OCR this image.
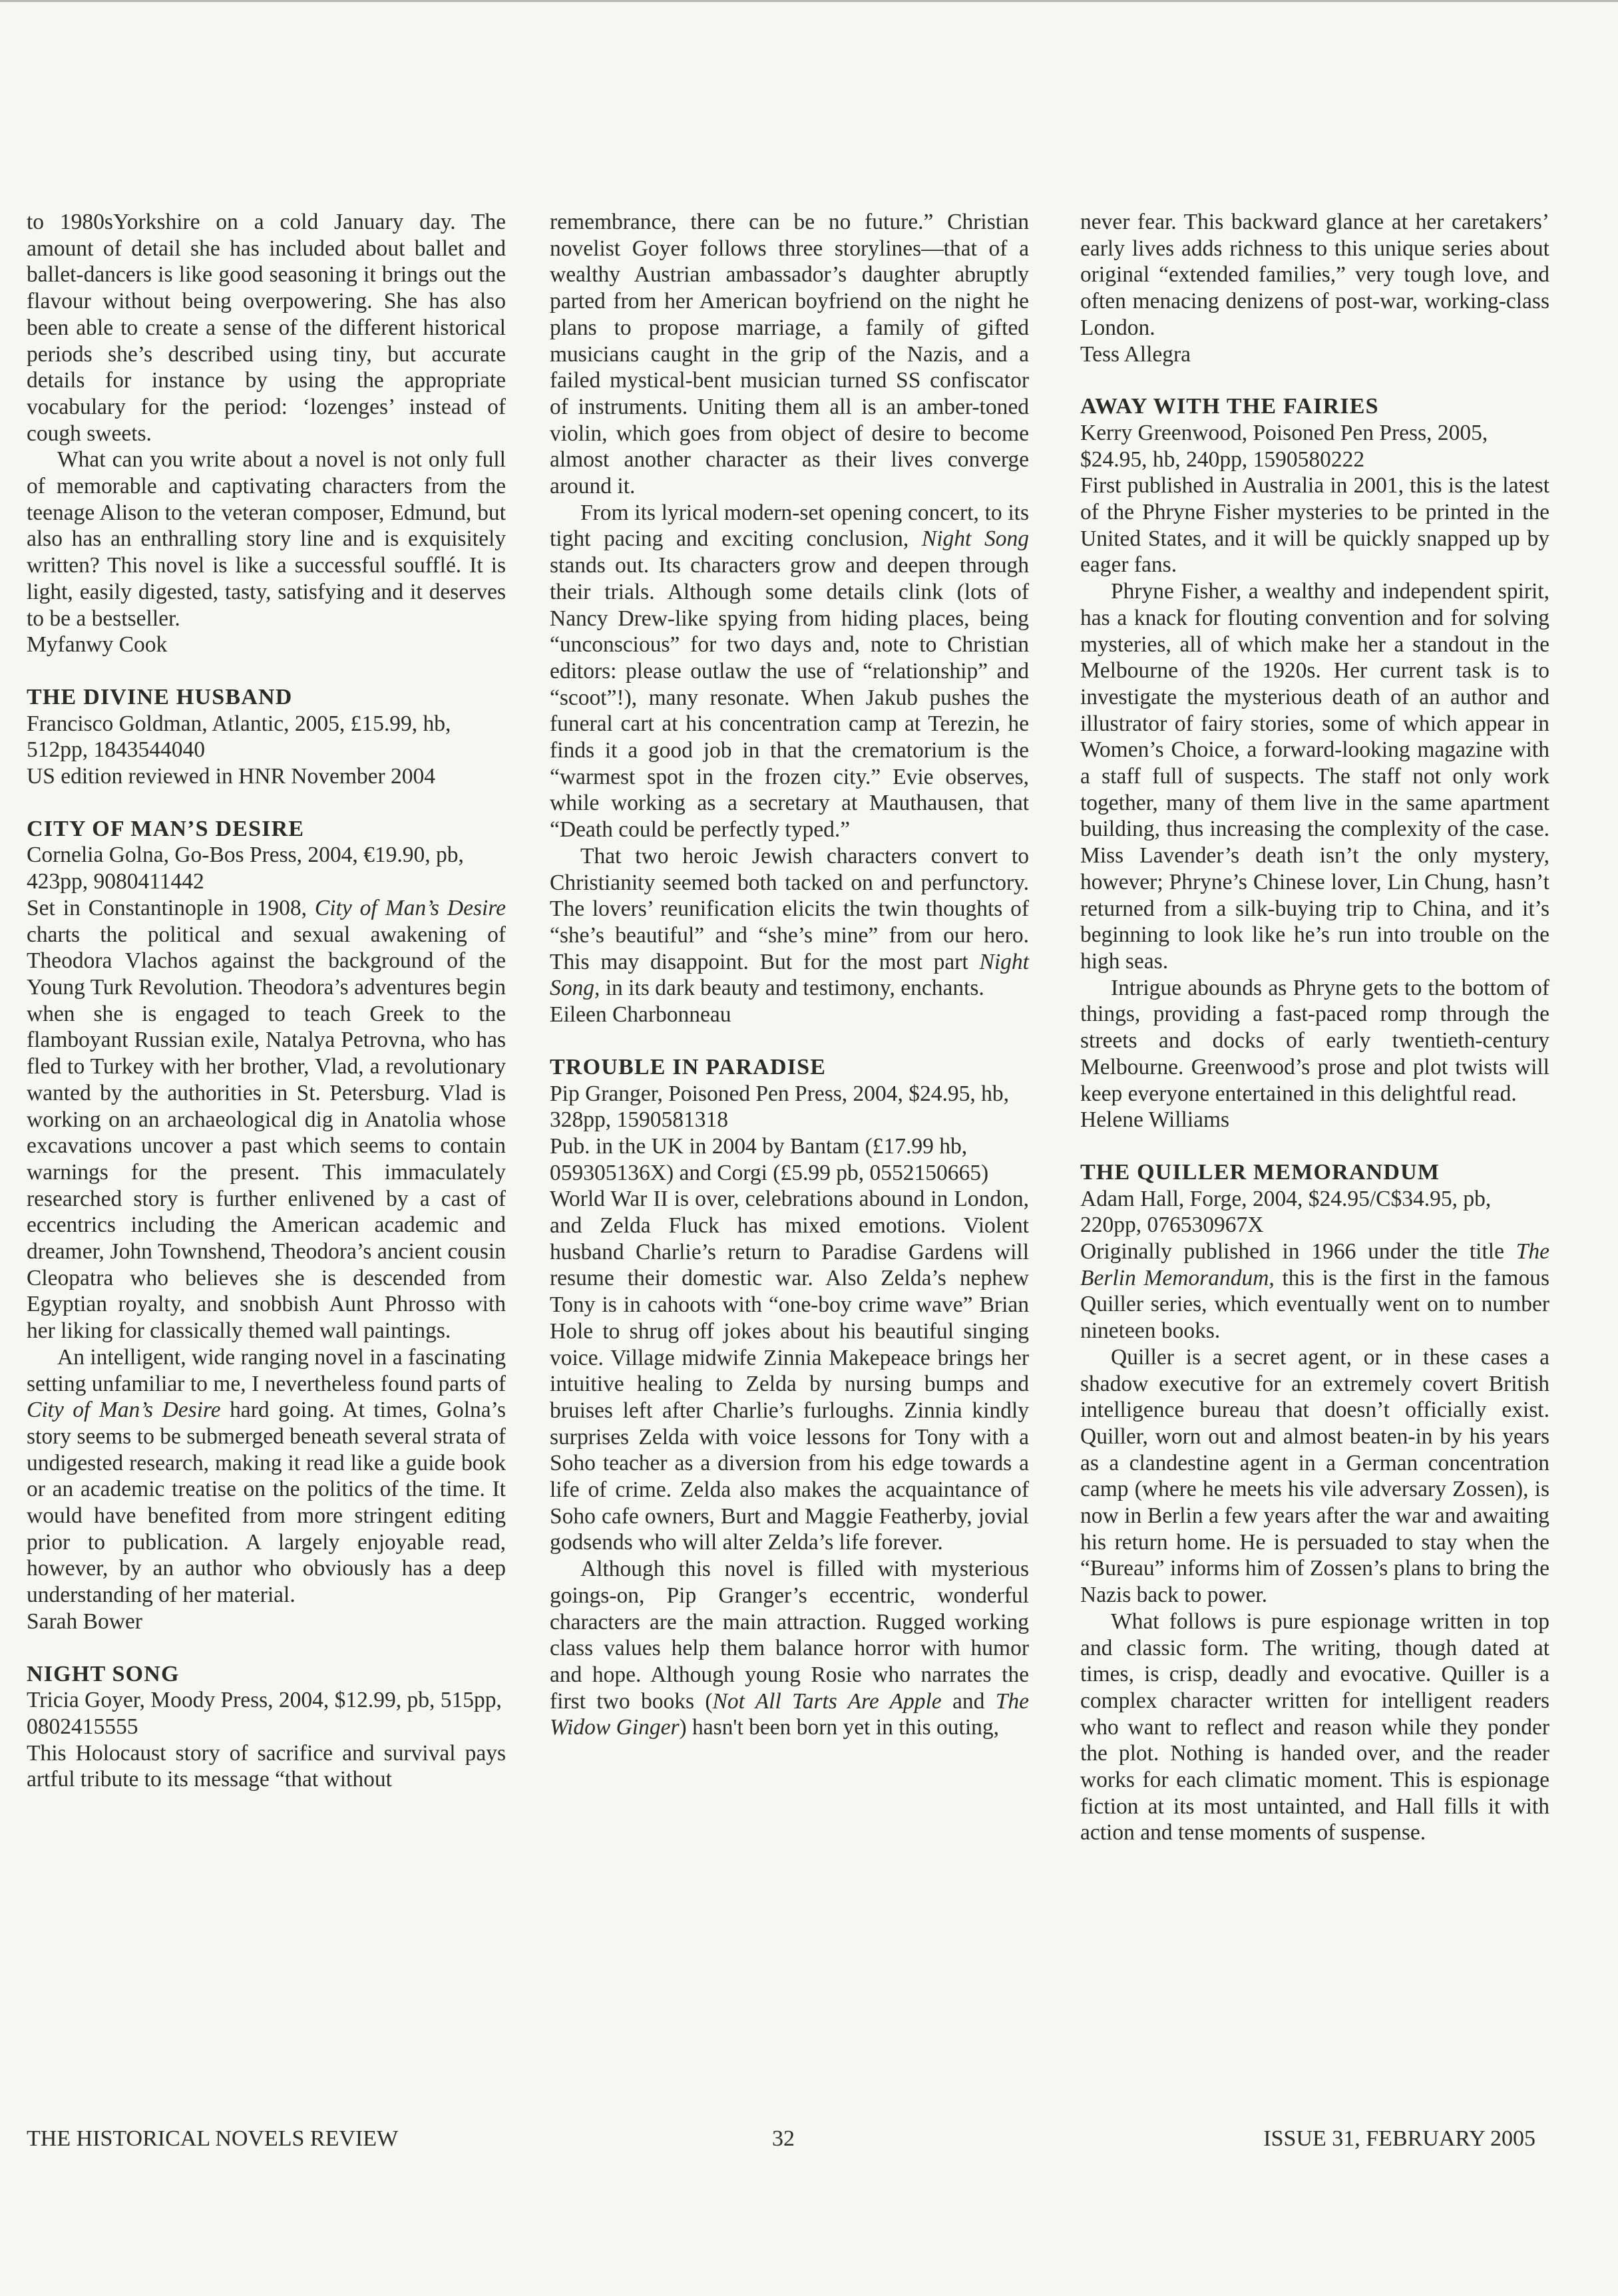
to 1980sYorkshire on a cold January day. The amount of detail she has included about ballet and ballet-dancers is like good seasoning it brings out the flavour without being overpowering. She has also been able to create a sense of the different historical periods she’s described using tiny, but accurate details for instance by using the appropriate vocabulary for the period: ‘lozenges’ instead of cough sweets.

What can you write about a novel is not only full of memorable and captivating characters from the teenage Alison to the veteran composer, Edmund, but also has an enthralling story line and is exquisitely written? This novel is like a successful soufflé. It is light, easily digested, tasty, satisfying and it deserves to be a bestseller.

Myfanwy Cook

THE DIVINE HUSBAND

Francisco Goldman, Atlantic, 2005, £15.99, hb, 512pp, 1843544040

US edition reviewed in HNR November 2004

CITY OF MAN’S DESIRE

Cornelia Golna, Go-Bos Press, 2004, €19.90, pb, 423pp, 9080411442

Set in Constantinople in 1908, City of Man’s Desire charts the political and sexual awakening of Theodora Vlachos against the background of the Young Turk Revolution. Theodora’s adventures begin when she is engaged to teach Greek to the flamboyant Russian exile, Natalya Petrovna, who has fled to Turkey with her brother, Vlad, a revolutionary wanted by the authorities in St. Petersburg. Vlad is working on an archaeological dig in Anatolia whose excavations uncover a past which seems to contain warnings for the present. This immaculately researched story is further enlivened by a cast of eccentrics including the American academic and dreamer, John Townshend, Theodora’s ancient cousin Cleopatra who believes she is descended from Egyptian royalty, and snobbish Aunt Phrosso with her liking for classically themed wall paintings.

An intelligent, wide ranging novel in a fascinating setting unfamiliar to me, I nevertheless found parts of City of Man’s Desire hard going. At times, Golna’s story seems to be submerged beneath several strata of undigested research, making it read like a guide book or an academic treatise on the politics of the time. It would have benefited from more stringent editing prior to publication. A largely enjoyable read, however, by an author who obviously has a deep understanding of her material.

Sarah Bower

NIGHT SONG

Tricia Goyer, Moody Press, 2004, $12.99, pb, 515pp, 0802415555

This Holocaust story of sacrifice and survival pays artful tribute to its message “that without

remembrance, there can be no future.” Christian novelist Goyer follows three storylines—that of a wealthy Austrian ambassador’s daughter abruptly parted from her American boyfriend on the night he plans to propose marriage, a family of gifted musicians caught in the grip of the Nazis, and a failed mystical-bent musician turned SS confiscator of instruments. Uniting them all is an amber-toned violin, which goes from object of desire to become almost another character as their lives converge around it.

From its lyrical modern-set opening concert, to its tight pacing and exciting conclusion, Night Song stands out. Its characters grow and deepen through their trials. Although some details clink (lots of Nancy Drew-like spying from hiding places, being “unconscious” for two days and, note to Christian editors: please outlaw the use of “relationship” and “scoot”!), many resonate. When Jakub pushes the funeral cart at his concentration camp at Terezin, he finds it a good job in that the crematorium is the “warmest spot in the frozen city.” Evie observes, while working as a secretary at Mauthausen, that “Death could be perfectly typed.”

That two heroic Jewish characters convert to Christianity seemed both tacked on and perfunctory. The lovers’ reunification elicits the twin thoughts of “she’s beautiful” and “she’s mine” from our hero. This may disappoint. But for the most part Night Song, in its dark beauty and testimony, enchants.

Eileen Charbonneau

TROUBLE IN PARADISE

Pip Granger, Poisoned Pen Press, 2004, $24.95, hb, 328pp, 1590581318

Pub. in the UK in 2004 by Bantam (£17.99 hb, 059305136X) and Corgi (£5.99 pb, 0552150665)

World War II is over, celebrations abound in London, and Zelda Fluck has mixed emotions. Violent husband Charlie’s return to Paradise Gardens will resume their domestic war. Also Zelda’s nephew Tony is in cahoots with “one-boy crime wave” Brian Hole to shrug off jokes about his beautiful singing voice. Village midwife Zinnia Makepeace brings her intuitive healing to Zelda by nursing bumps and bruises left after Charlie’s furloughs. Zinnia kindly surprises Zelda with voice lessons for Tony with a Soho teacher as a diversion from his edge towards a life of crime. Zelda also makes the acquaintance of Soho cafe owners, Burt and Maggie Featherby, jovial godsends who will alter Zelda’s life forever.

Although this novel is filled with mysterious goings-on, Pip Granger’s eccentric, wonderful characters are the main attraction. Rugged working class values help them balance horror with humor and hope. Although young Rosie who narrates the first two books (Not All Tarts Are Apple and The Widow Ginger) hasn't been born yet in this outing,

never fear. This backward glance at her caretakers’ early lives adds richness to this unique series about original “extended families,” very tough love, and often menacing denizens of post-war, working-class London.

Tess Allegra

AWAY WITH THE FAIRIES

Kerry Greenwood, Poisoned Pen Press, 2005, $24.95, hb, 240pp, 1590580222

First published in Australia in 2001, this is the latest of the Phryne Fisher mysteries to be printed in the United States, and it will be quickly snapped up by eager fans.

Phryne Fisher, a wealthy and independent spirit, has a knack for flouting convention and for solving mysteries, all of which make her a standout in the Melbourne of the 1920s. Her current task is to investigate the mysterious death of an author and illustrator of fairy stories, some of which appear in Women’s Choice, a forward-looking magazine with a staff full of suspects. The staff not only work together, many of them live in the same apartment building, thus increasing the complexity of the case. Miss Lavender’s death isn’t the only mystery, however; Phryne’s Chinese lover, Lin Chung, hasn’t returned from a silk-buying trip to China, and it’s beginning to look like he’s run into trouble on the high seas.

Intrigue abounds as Phryne gets to the bottom of things, providing a fast-paced romp through the streets and docks of early twentieth-century Melbourne. Greenwood’s prose and plot twists will keep everyone entertained in this delightful read.

Helene Williams

THE QUILLER MEMORANDUM

Adam Hall, Forge, 2004, $24.95/C$34.95, pb, 220pp, 076530967X

Originally published in 1966 under the title The Berlin Memorandum, this is the first in the famous Quiller series, which eventually went on to number nineteen books.

Quiller is a secret agent, or in these cases a shadow executive for an extremely covert British intelligence bureau that doesn’t officially exist. Quiller, worn out and almost beaten-in by his years as a clandestine agent in a German concentration camp (where he meets his vile adversary Zossen), is now in Berlin a few years after the war and awaiting his return home. He is persuaded to stay when the “Bureau” informs him of Zossen’s plans to bring the Nazis back to power.

What follows is pure espionage written in top and classic form. The writing, though dated at times, is crisp, deadly and evocative. Quiller is a complex character written for intelligent readers who want to reflect and reason while they ponder the plot. Nothing is handed over, and the reader works for each climatic moment. This is espionage fiction at its most untainted, and Hall fills it with action and tense moments of suspense.

THE HISTORICAL NOVELS REVIEW	32	ISSUE 31, FEBRUARY 2005
